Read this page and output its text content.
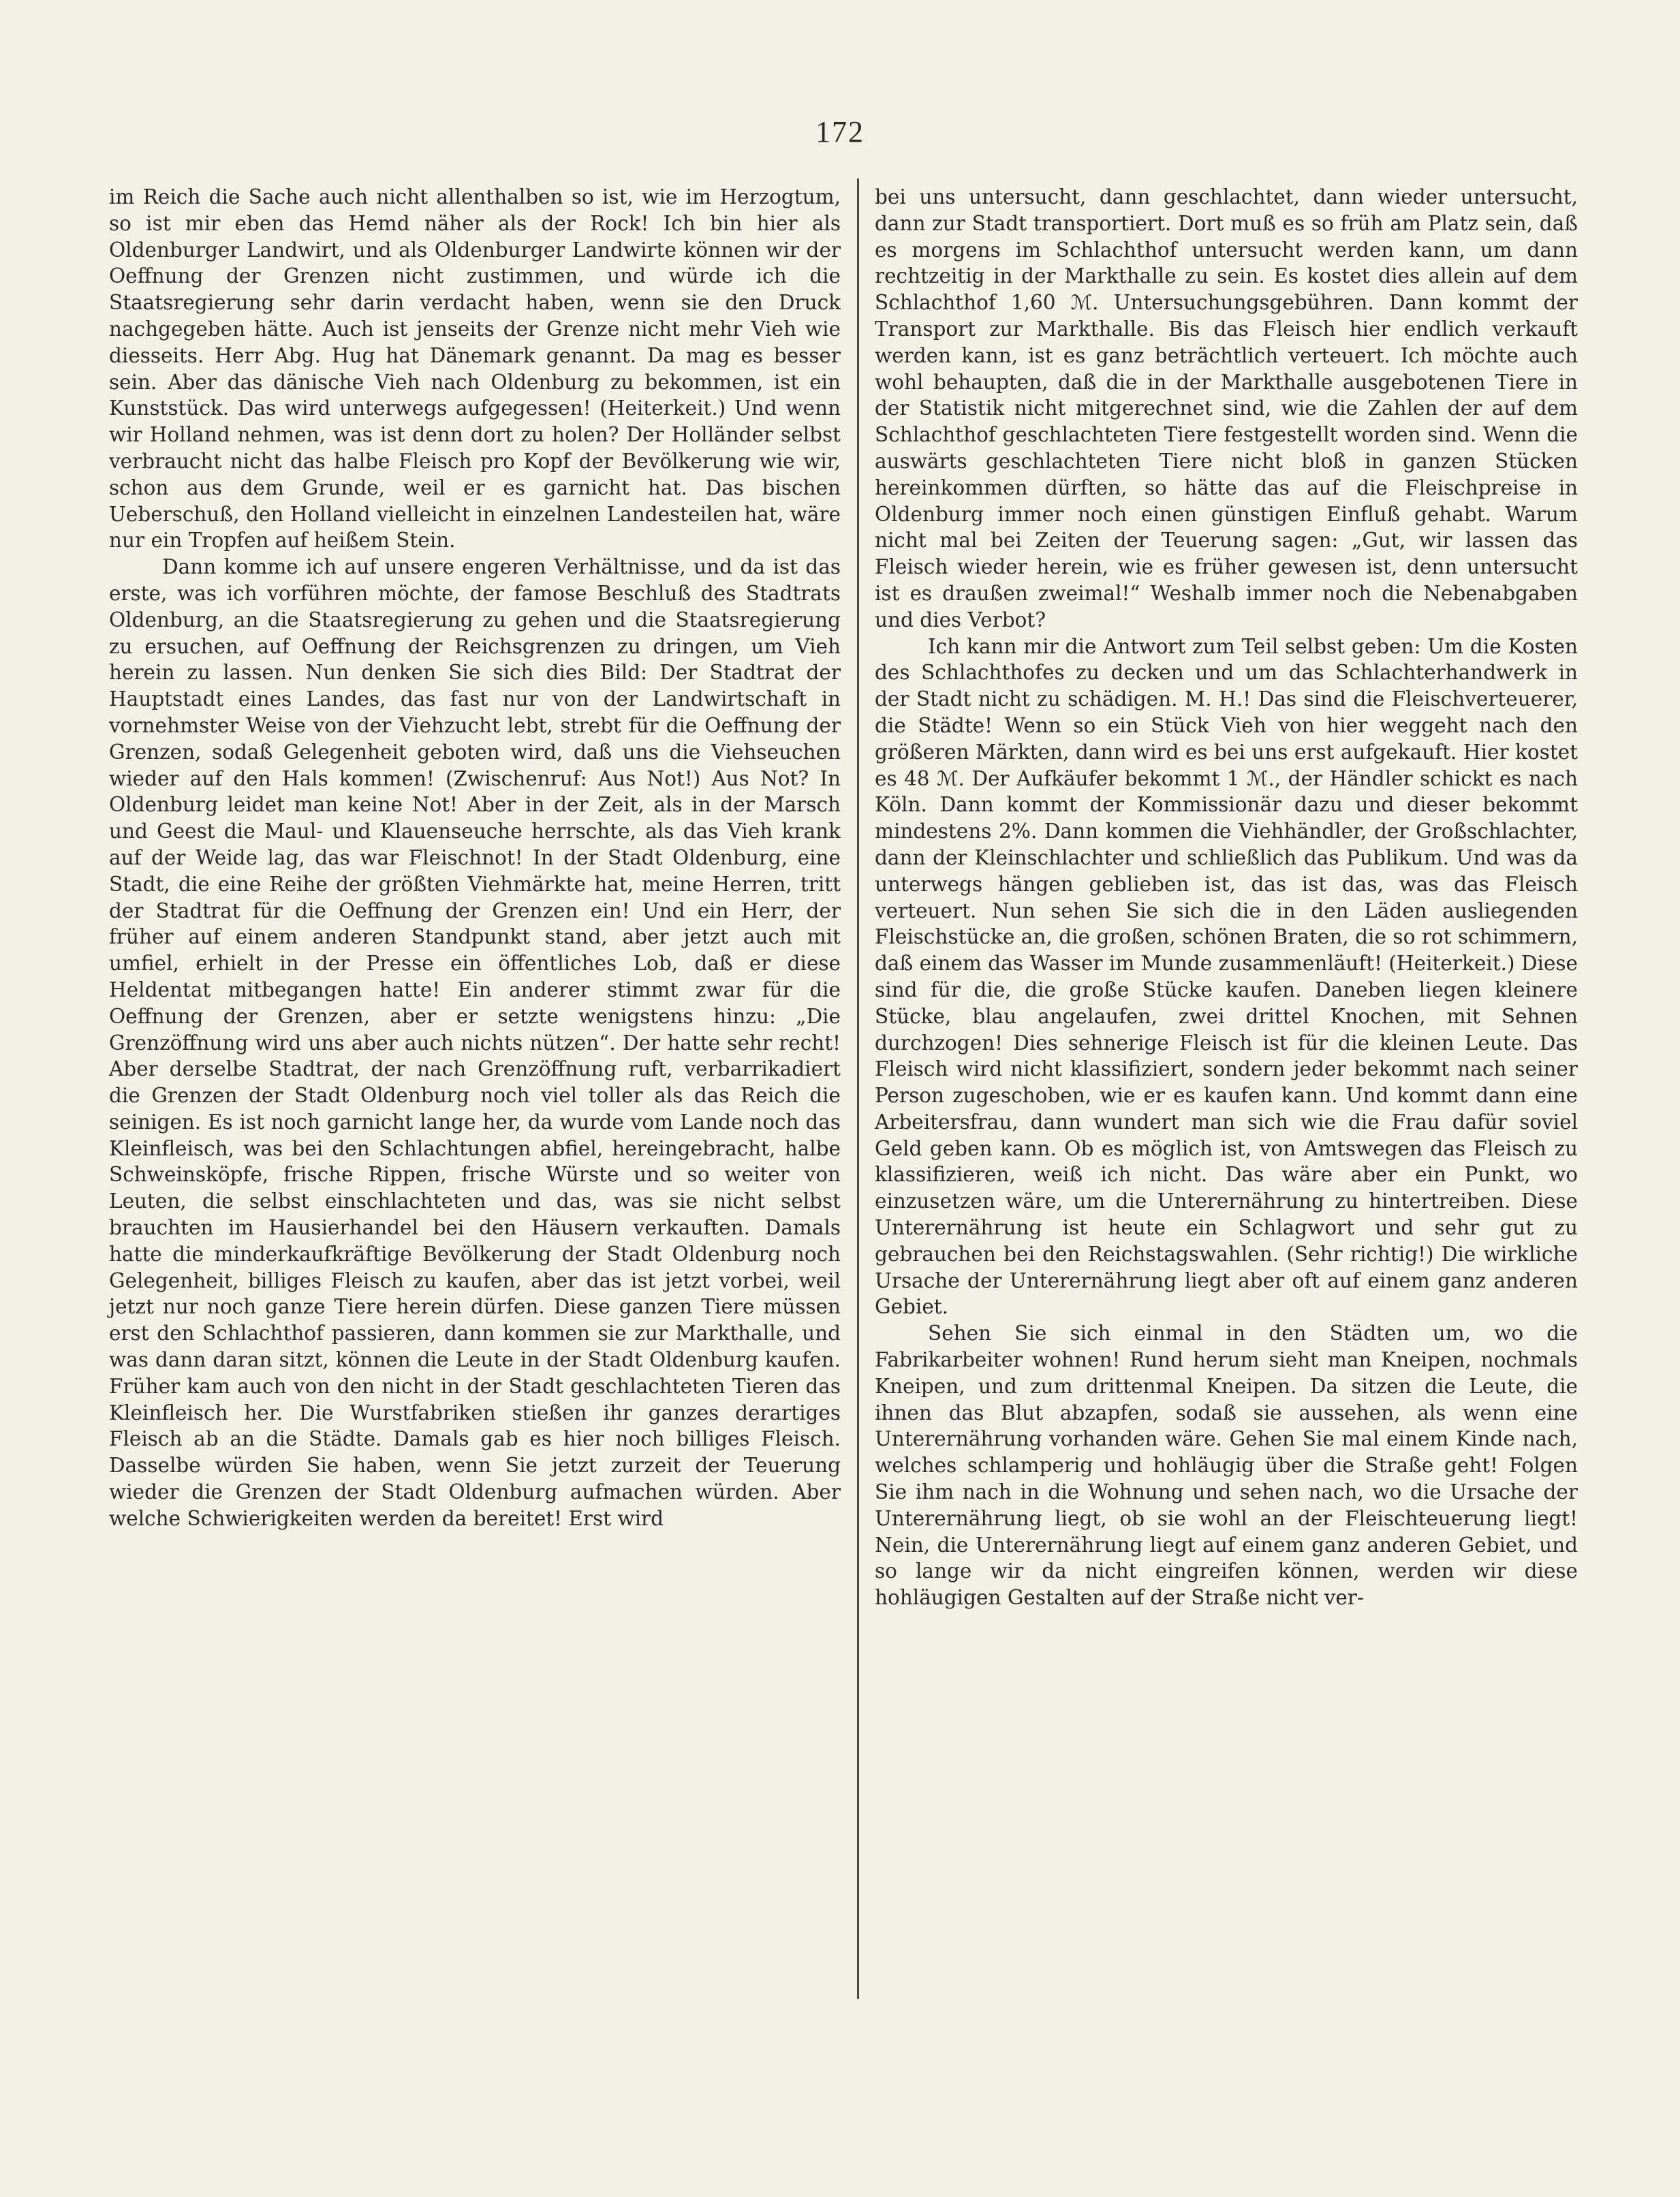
172

im Reich die Sache auch nicht allenthalben so ist, wie im Herzogtum, so ist mir eben das Hemd näher als der Rock! Ich bin hier als Oldenburger Landwirt, und als Oldenburger Landwirte können wir der Oeffnung der Grenzen nicht zustimmen, und würde ich die Staatsregierung sehr darin verdacht haben, wenn sie den Druck nachgegeben hätte. Auch ist jenseits der Grenze nicht mehr Vieh wie diesseits. Herr Abg. Hug hat Dänemark genannt. Da mag es besser sein. Aber das dänische Vieh nach Oldenburg zu bekommen, ist ein Kunststück. Das wird unterwegs aufgegessen! (Heiterkeit.) Und wenn wir Holland nehmen, was ist denn dort zu holen? Der Holländer selbst verbraucht nicht das halbe Fleisch pro Kopf der Bevölkerung wie wir, schon aus dem Grunde, weil er es garnicht hat. Das bischen Ueberschuß, den Holland vielleicht in einzelnen Landesteilen hat, wäre nur ein Tropfen auf heißem Stein.

Dann komme ich auf unsere engeren Verhältnisse, und da ist das erste, was ich vorführen möchte, der famose Beschluß des Stadtrats Oldenburg, an die Staatsregierung zu gehen und die Staatsregierung zu ersuchen, auf Oeffnung der Reichsgrenzen zu dringen, um Vieh herein zu lassen. Nun denken Sie sich dies Bild: Der Stadtrat der Hauptstadt eines Landes, das fast nur von der Landwirtschaft in vornehmster Weise von der Viehzucht lebt, strebt für die Oeffnung der Grenzen, sodaß Gelegenheit geboten wird, daß uns die Viehseuchen wieder auf den Hals kommen! (Zwischenruf: Aus Not!) Aus Not? In Oldenburg leidet man keine Not! Aber in der Zeit, als in der Marsch und Geest die Maul- und Klauenseuche herrschte, als das Vieh krank auf der Weide lag, das war Fleischnot! In der Stadt Oldenburg, eine Stadt, die eine Reihe der größten Viehmärkte hat, meine Herren, tritt der Stadtrat für die Oeffnung der Grenzen ein! Und ein Herr, der früher auf einem anderen Standpunkt stand, aber jetzt auch mit umfiel, erhielt in der Presse ein öffentliches Lob, daß er diese Heldentat mitbegangen hatte! Ein anderer stimmt zwar für die Oeffnung der Grenzen, aber er setzte wenigstens hinzu: „Die Grenzöffnung wird uns aber auch nichts nützen“. Der hatte sehr recht! Aber derselbe Stadtrat, der nach Grenzöffnung ruft, verbarrikadiert die Grenzen der Stadt Oldenburg noch viel toller als das Reich die seinigen. Es ist noch garnicht lange her, da wurde vom Lande noch das Kleinfleisch, was bei den Schlachtungen abfiel, hereingebracht, halbe Schweinsköpfe, frische Rippen, frische Würste und so weiter von Leuten, die selbst einschlachteten und das, was sie nicht selbst brauchten im Hausierhandel bei den Häusern verkauften. Damals hatte die minderkaufkräftige Bevölkerung der Stadt Oldenburg noch Gelegenheit, billiges Fleisch zu kaufen, aber das ist jetzt vorbei, weil jetzt nur noch ganze Tiere herein dürfen. Diese ganzen Tiere müssen erst den Schlachthof passieren, dann kommen sie zur Markthalle, und was dann daran sitzt, können die Leute in der Stadt Oldenburg kaufen. Früher kam auch von den nicht in der Stadt geschlachteten Tieren das Kleinfleisch her. Die Wurstfabriken stießen ihr ganzes derartiges Fleisch ab an die Städte. Damals gab es hier noch billiges Fleisch. Dasselbe würden Sie haben, wenn Sie jetzt zurzeit der Teuerung wieder die Grenzen der Stadt Oldenburg aufmachen würden. Aber welche Schwierigkeiten werden da bereitet! Erst wird

bei uns untersucht, dann geschlachtet, dann wieder untersucht, dann zur Stadt transportiert. Dort muß es so früh am Platz sein, daß es morgens im Schlachthof untersucht werden kann, um dann rechtzeitig in der Markthalle zu sein. Es kostet dies allein auf dem Schlachthof 1,60 ℳ. Untersuchungsgebühren. Dann kommt der Transport zur Markthalle. Bis das Fleisch hier endlich verkauft werden kann, ist es ganz beträchtlich verteuert. Ich möchte auch wohl behaupten, daß die in der Markthalle ausgebotenen Tiere in der Statistik nicht mitgerechnet sind, wie die Zahlen der auf dem Schlachthof geschlachteten Tiere festgestellt worden sind. Wenn die auswärts geschlachteten Tiere nicht bloß in ganzen Stücken hereinkommen dürften, so hätte das auf die Fleischpreise in Oldenburg immer noch einen günstigen Einfluß gehabt. Warum nicht mal bei Zeiten der Teuerung sagen: „Gut, wir lassen das Fleisch wieder herein, wie es früher gewesen ist, denn untersucht ist es draußen zweimal!“ Weshalb immer noch die Nebenabgaben und dies Verbot?

Ich kann mir die Antwort zum Teil selbst geben: Um die Kosten des Schlachthofes zu decken und um das Schlachterhandwerk in der Stadt nicht zu schädigen. M. H.! Das sind die Fleischverteuerer, die Städte! Wenn so ein Stück Vieh von hier weggeht nach den größeren Märkten, dann wird es bei uns erst aufgekauft. Hier kostet es 48 ℳ. Der Aufkäufer bekommt 1 ℳ., der Händler schickt es nach Köln. Dann kommt der Kommissionär dazu und dieser bekommt mindestens 2%. Dann kommen die Viehhändler, der Großschlachter, dann der Kleinschlachter und schließlich das Publikum. Und was da unterwegs hängen geblieben ist, das ist das, was das Fleisch verteuert. Nun sehen Sie sich die in den Läden ausliegenden Fleischstücke an, die großen, schönen Braten, die so rot schimmern, daß einem das Wasser im Munde zusammenläuft! (Heiterkeit.) Diese sind für die, die große Stücke kaufen. Daneben liegen kleinere Stücke, blau angelaufen, zwei drittel Knochen, mit Sehnen durchzogen! Dies sehnerige Fleisch ist für die kleinen Leute. Das Fleisch wird nicht klassifiziert, sondern jeder bekommt nach seiner Person zugeschoben, wie er es kaufen kann. Und kommt dann eine Arbeitersfrau, dann wundert man sich wie die Frau dafür soviel Geld geben kann. Ob es möglich ist, von Amtswegen das Fleisch zu klassifizieren, weiß ich nicht. Das wäre aber ein Punkt, wo einzusetzen wäre, um die Unterernährung zu hintertreiben. Diese Unterernährung ist heute ein Schlagwort und sehr gut zu gebrauchen bei den Reichstagswahlen. (Sehr richtig!) Die wirkliche Ursache der Unterernährung liegt aber oft auf einem ganz anderen Gebiet.

Sehen Sie sich einmal in den Städten um, wo die Fabrikarbeiter wohnen! Rund herum sieht man Kneipen, nochmals Kneipen, und zum drittenmal Kneipen. Da sitzen die Leute, die ihnen das Blut abzapfen, sodaß sie aussehen, als wenn eine Unterernährung vorhanden wäre. Gehen Sie mal einem Kinde nach, welches schlamperig und hohläugig über die Straße geht! Folgen Sie ihm nach in die Wohnung und sehen nach, wo die Ursache der Unterernährung liegt, ob sie wohl an der Fleischteuerung liegt! Nein, die Unterernährung liegt auf einem ganz anderen Gebiet, und so lange wir da nicht eingreifen können, werden wir diese hohläugigen Gestalten auf der Straße nicht ver-
